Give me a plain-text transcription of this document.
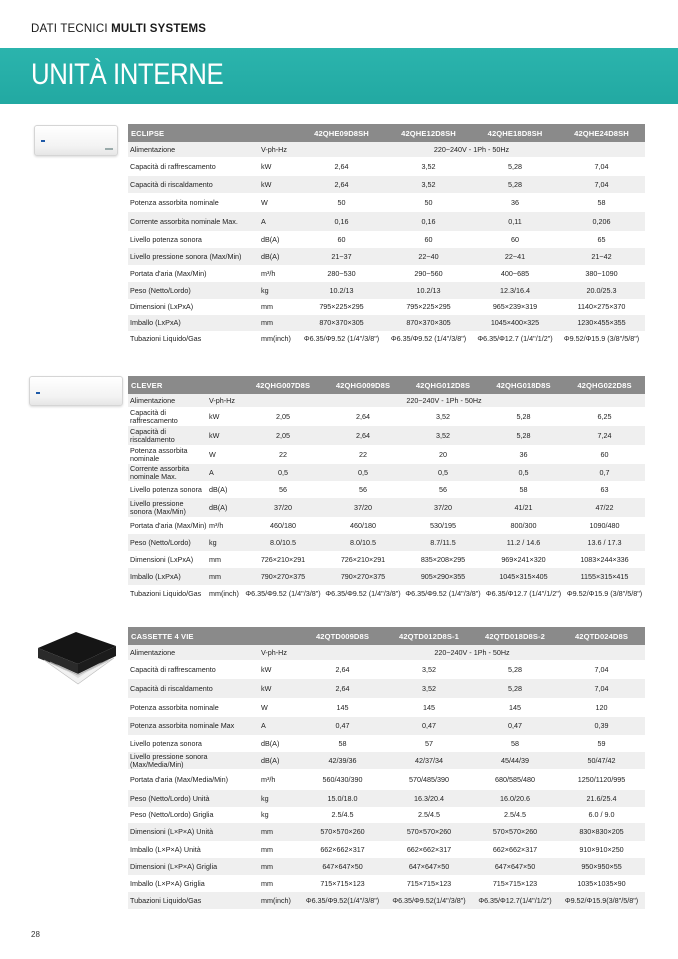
DATI TECNICI MULTI SYSTEMS
UNITÀ INTERNE
ECLIPSE		42QHE09D8SH	42QHE12D8SH	42QHE18D8SH	42QHE24D8SH
Alimentazione	V-ph-Hz	220~240V - 1Ph - 50Hz			
Capacità di raffrescamento	kW	2,64	3,52	5,28	7,04
Capacità di riscaldamento	kW	2,64	3,52	5,28	7,04
Potenza assorbita nominale	W	50	50	36	58
Corrente assorbita nominale Max.	A	0,16	0,16	0,11	0,206
Livello potenza sonora	dB(A)	60	60	60	65
Livello pressione sonora (Max/Min)	dB(A)	21~37	22~40	22~41	21~42
Portata d'aria (Max/Min)	m³/h	280~530	290~560	400~685	380~1090
Peso (Netto/Lordo)	kg	10.2/13	10.2/13	12.3/16.4	20.0/25.3
Dimensioni (LxPxA)	mm	795×225×295	795×225×295	965×239×319	1140×275×370
Imballo (LxPxA)	mm	870×370×305	870×370×305	1045×400×325	1230×455×355
Tubazioni Liquido/Gas	mm(inch)	Φ6.35/Φ9.52 (1/4"/3/8")	Φ6.35/Φ9.52 (1/4"/3/8")	Φ6.35/Φ12.7 (1/4"/1/2")	Φ9.52/Φ15.9 (3/8"/5/8")
CLEVER		42QHG007D8S	42QHG009D8S	42QHG012D8S	42QHG018D8S	42QHG022D8S
Alimentazione	V-ph-Hz	220~240V - 1Ph - 50Hz				
Capacità di raffrescamento	kW	2,05	2,64	3,52	5,28	6,25
Capacità di riscaldamento	kW	2,05	2,64	3,52	5,28	7,24
Potenza assorbita nominale	W	22	22	20	36	60
Corrente assorbita nominale Max.	A	0,5	0,5	0,5	0,5	0,7
Livello potenza sonora	dB(A)	56	56	56	58	63
Livello pressione sonora (Max/Min)	dB(A)	37/20	37/20	37/20	41/21	47/22
Portata d'aria (Max/Min)	m³/h	460/180	460/180	530/195	800/300	1090/480
Peso (Netto/Lordo)	kg	8.0/10.5	8.0/10.5	8.7/11.5	11.2 / 14.6	13.6 / 17.3
Dimensioni (LxPxA)	mm	726×210×291	726×210×291	835×208×295	969×241×320	1083×244×336
Imballo (LxPxA)	mm	790×270×375	790×270×375	905×290×355	1045×315×405	1155×315×415
Tubazioni Liquido/Gas	mm(inch)	Φ6.35/Φ9.52 (1/4"/3/8")	Φ6.35/Φ9.52 (1/4"/3/8")	Φ6.35/Φ9.52 (1/4"/3/8")	Φ6.35/Φ12.7 (1/4"/1/2")	Φ9.52/Φ15.9 (3/8"/5/8")
CASSETTE 4 VIE		42QTD009D8S	42QTD012D8S-1	42QTD018D8S-2	42QTD024D8S
Alimentazione	V-ph-Hz	220~240V - 1Ph - 50Hz			
Capacità di raffrescamento	kW	2,64	3,52	5,28	7,04
Capacità di riscaldamento	kW	2,64	3,52	5,28	7,04
Potenza assorbita nominale	W	145	145	145	120
Potenza assorbita nominale Max	A	0,47	0,47	0,47	0,39
Livello potenza sonora	dB(A)	58	57	58	59
Livello pressione sonora (Max/Media/Min)	dB(A)	42/39/36	42/37/34	45/44/39	50/47/42
Portata d'aria (Max/Media/Min)	m³/h	560/430/390	570/485/390	680/585/480	1250/1120/995
Peso (Netto/Lordo) Unità	kg	15.0/18.0	16.3/20.4	16.0/20.6	21.6/25.4
Peso (Netto/Lordo) Griglia	kg	2.5/4.5	2.5/4.5	2.5/4.5	6.0 / 9.0
Dimensioni (L×P×A) Unità	mm	570×570×260	570×570×260	570×570×260	830×830×205
Imballo (L×P×A) Unità	mm	662×662×317	662×662×317	662×662×317	910×910×250
Dimensioni (L×P×A) Griglia	mm	647×647×50	647×647×50	647×647×50	950×950×55
Imballo (L×P×A) Griglia	mm	715×715×123	715×715×123	715×715×123	1035×1035×90
Tubazioni Liquido/Gas	mm(inch)	Φ6.35/Φ9.52(1/4"/3/8")	Φ6.35/Φ9.52(1/4"/3/8")	Φ6.35/Φ12.7(1/4"/1/2")	Φ9.52/Φ15.9(3/8"/5/8")
28
